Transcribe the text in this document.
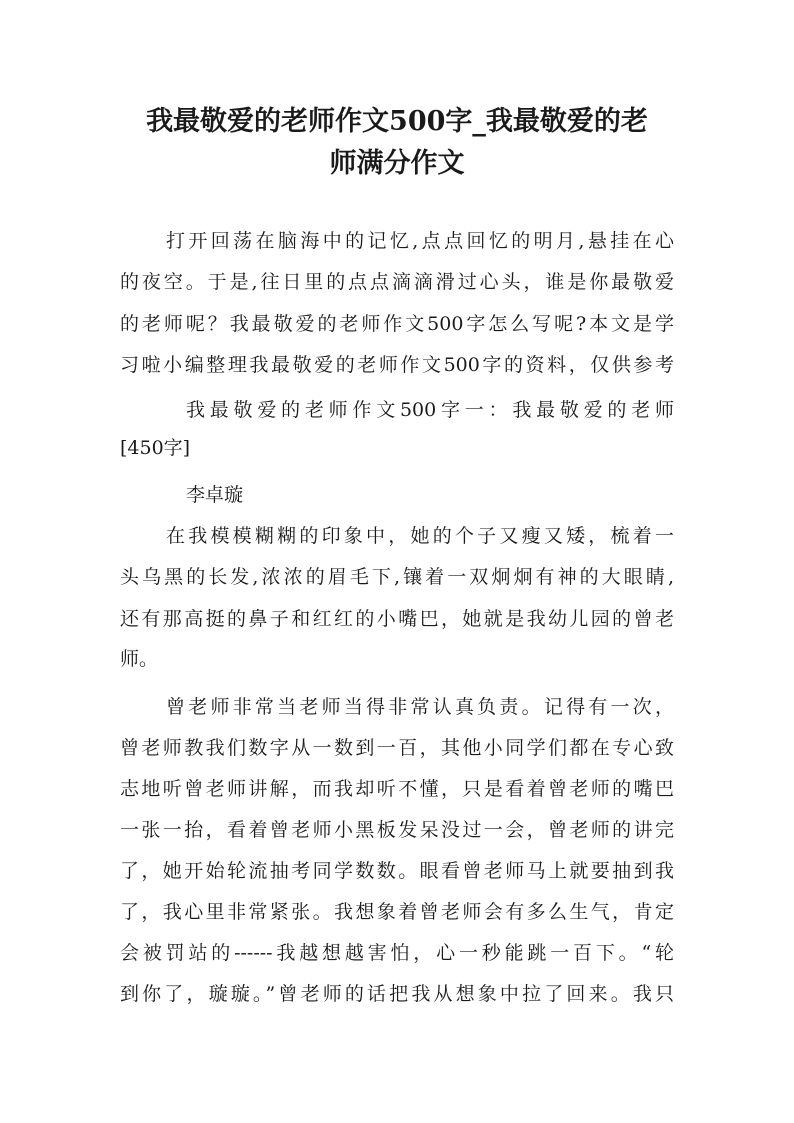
我最敬爱的老师作文500字_我最敬爱的老
师满分作文

打开回荡在脑海中的记忆,点点回忆的明月,悬挂在心

的夜空。于是,往日里的点点滴滴滑过心头，谁是你最敬爱

的老师呢？我最敬爱的老师作文500字怎么写呢?本文是学

习啦小编整理我最敬爱的老师作文500字的资料，仅供参考

我最敬爱的老师作文500字一：我最敬爱的老师

[450字]

李卓璇

在我模模糊糊的印象中，她的个子又瘦又矮，梳着一

头乌黑的长发,浓浓的眉毛下,镶着一双炯炯有神的大眼睛,

还有那高挺的鼻子和红红的小嘴巴，她就是我幼儿园的曾老

师。

曾老师非常当老师当得非常认真负责。记得有一次，

曾老师教我们数字从一数到一百，其他小同学们都在专心致

志地听曾老师讲解，而我却听不懂，只是看着曾老师的嘴巴

一张一抬，看着曾老师小黑板发呆没过一会，曾老师的讲完

了，她开始轮流抽考同学数数。眼看曾老师马上就要抽到我

了，我心里非常紧张。我想象着曾老师会有多么生气，肯定

会被罚站的------我越想越害怕，心一秒能跳一百下。“轮

到你了，璇璇。”曾老师的话把我从想象中拉了回来。我只
